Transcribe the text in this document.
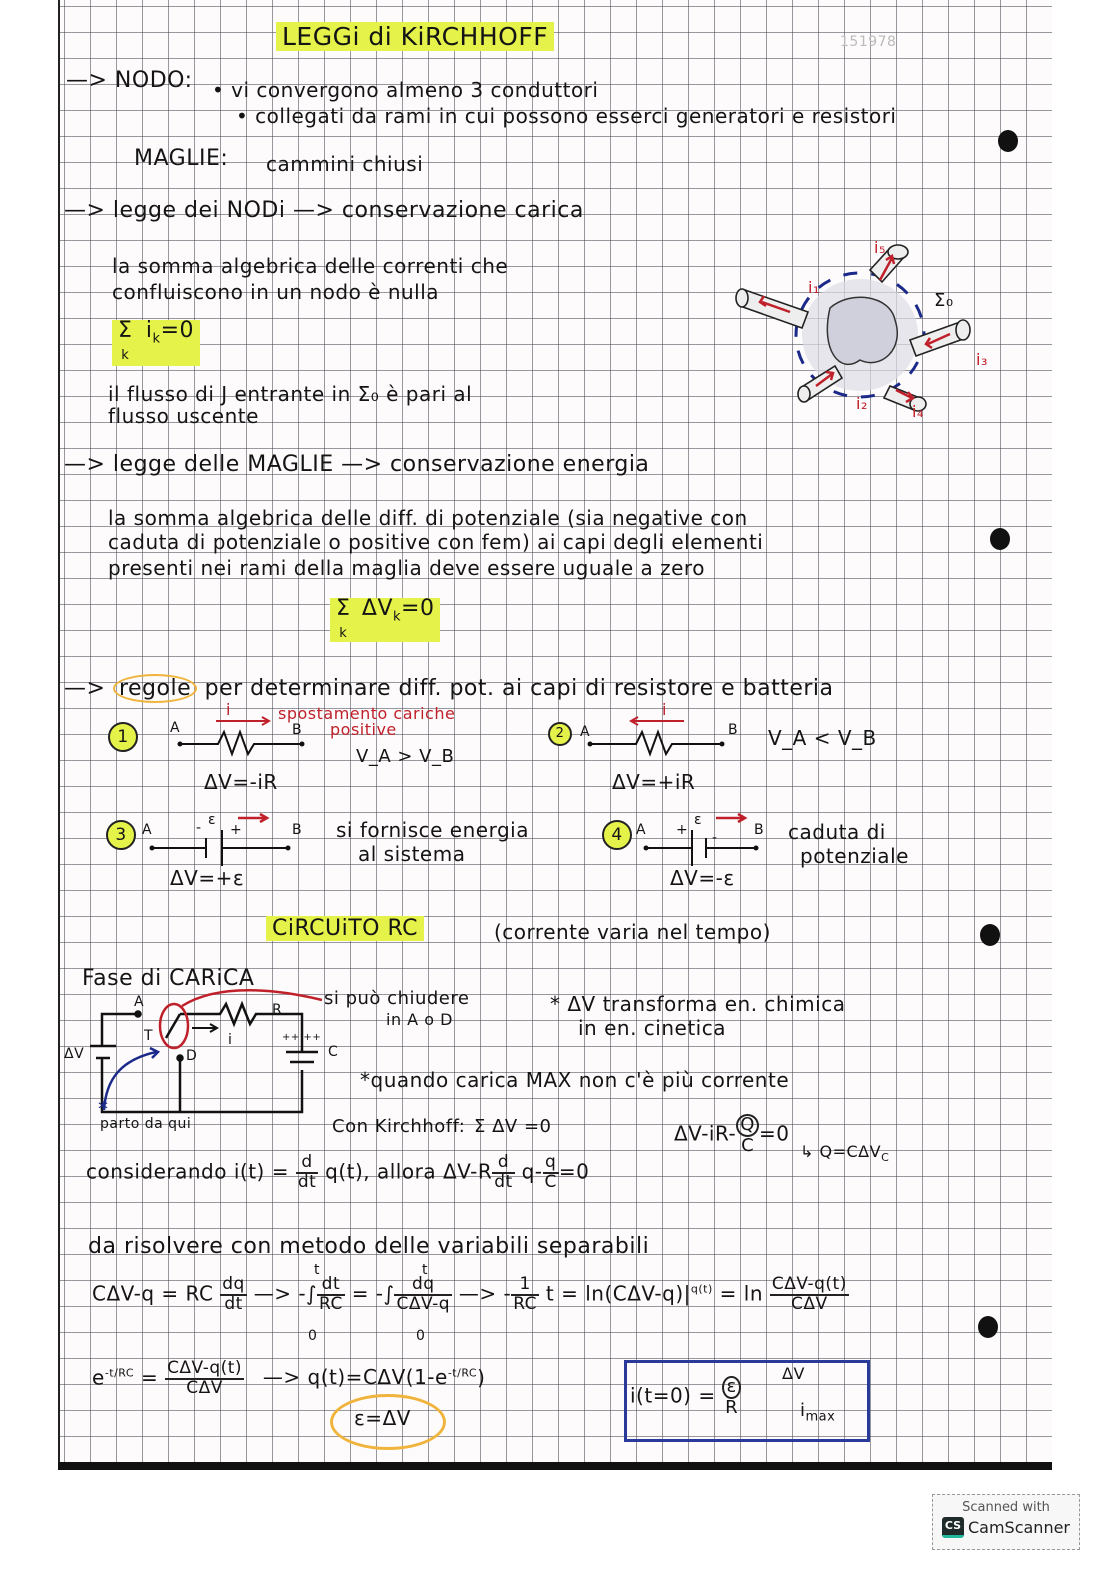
LEGGi di KiRCHHOFF	151978
—> NODO: • vi convergono almeno 3 conduttori
• collegati da rami in cui possono esserci generatori e resistori
MAGLIE: cammini chiusi
—> legge dei NODi —> conservazione carica
la somma algebrica delle correnti che
confluiscono in un nodo è nulla
Σ
k $i_k=0$
il flusso di J entrante in Σ₀ è pari al
flusso uscente
Σ₀
i₁
i₂
i₃
i₄
i₅
—> legge delle MAGLIE —> conservazione energia
la somma algebrica delle diff. di potenziale (sia negative con
caduta di potenziale o positive con fem) ai capi degli elementi
presenti nei rami della maglia deve essere uguale a zero
Σ
k $\Delta V_k=0$
—> regole per determinare diff. pot. ai capi di resistore e batteria
1	A	B
i	spostamento cariche
positive
V_A > V_B
ΔV=-iR
2	A	B
i
V_A < V_B
ΔV=+iR
3	A	B
- ε
+	si fornisce energia
al sistema
ΔV=+ε
4 A	B
+
ε
-	caduta di
potenziale
ΔV=-ε
CiRCUiTO RC	(corrente varia nel tempo)
Fase di CARiCA
*
A
T
D
R
C
ΔV
i	++ ++
si può chiudere
in A o D
parto da qui
* ΔV transforma en. chimica
in en. cinetica
*quando carica MAX non c'è più corrente
Con Kirchhoff: Σ ΔV =0	$\Delta V-iR- \frac{Q}{C} =0$
↳ $Q=C\Delta V_C$
considerando $i(t) = \frac{d}{dt} q(t)$, allora $\Delta V-R \frac{d}{dt} q- \frac{q}{C} =0$
da risolvere con metodo delle variabili separabili
CΔV-q = RC $\frac{dq}{dt}$ —> -∫ $\frac{dt}{RC}$ = -∫ $\frac{dq}{\text{CΔV-q}}$ —> - $\frac{1}{RC}$ $t = \ln(C\Delta V-q)|^{q(t)} = \ln \frac{\text{CΔV-q(t)}}{\text{CΔV}}$
t
0
t
0
$e^{-t/RC} = \frac{\text{CΔV-q(t)}}{\text{CΔV}}$ —> $q(t)=C\Delta V(1-e^{-t/RC})$
ε=ΔV
$i(t=0) = \frac{\varepsilon}{R}$
ΔV
$i_{max}$
Scanned with
CS CamScanner
